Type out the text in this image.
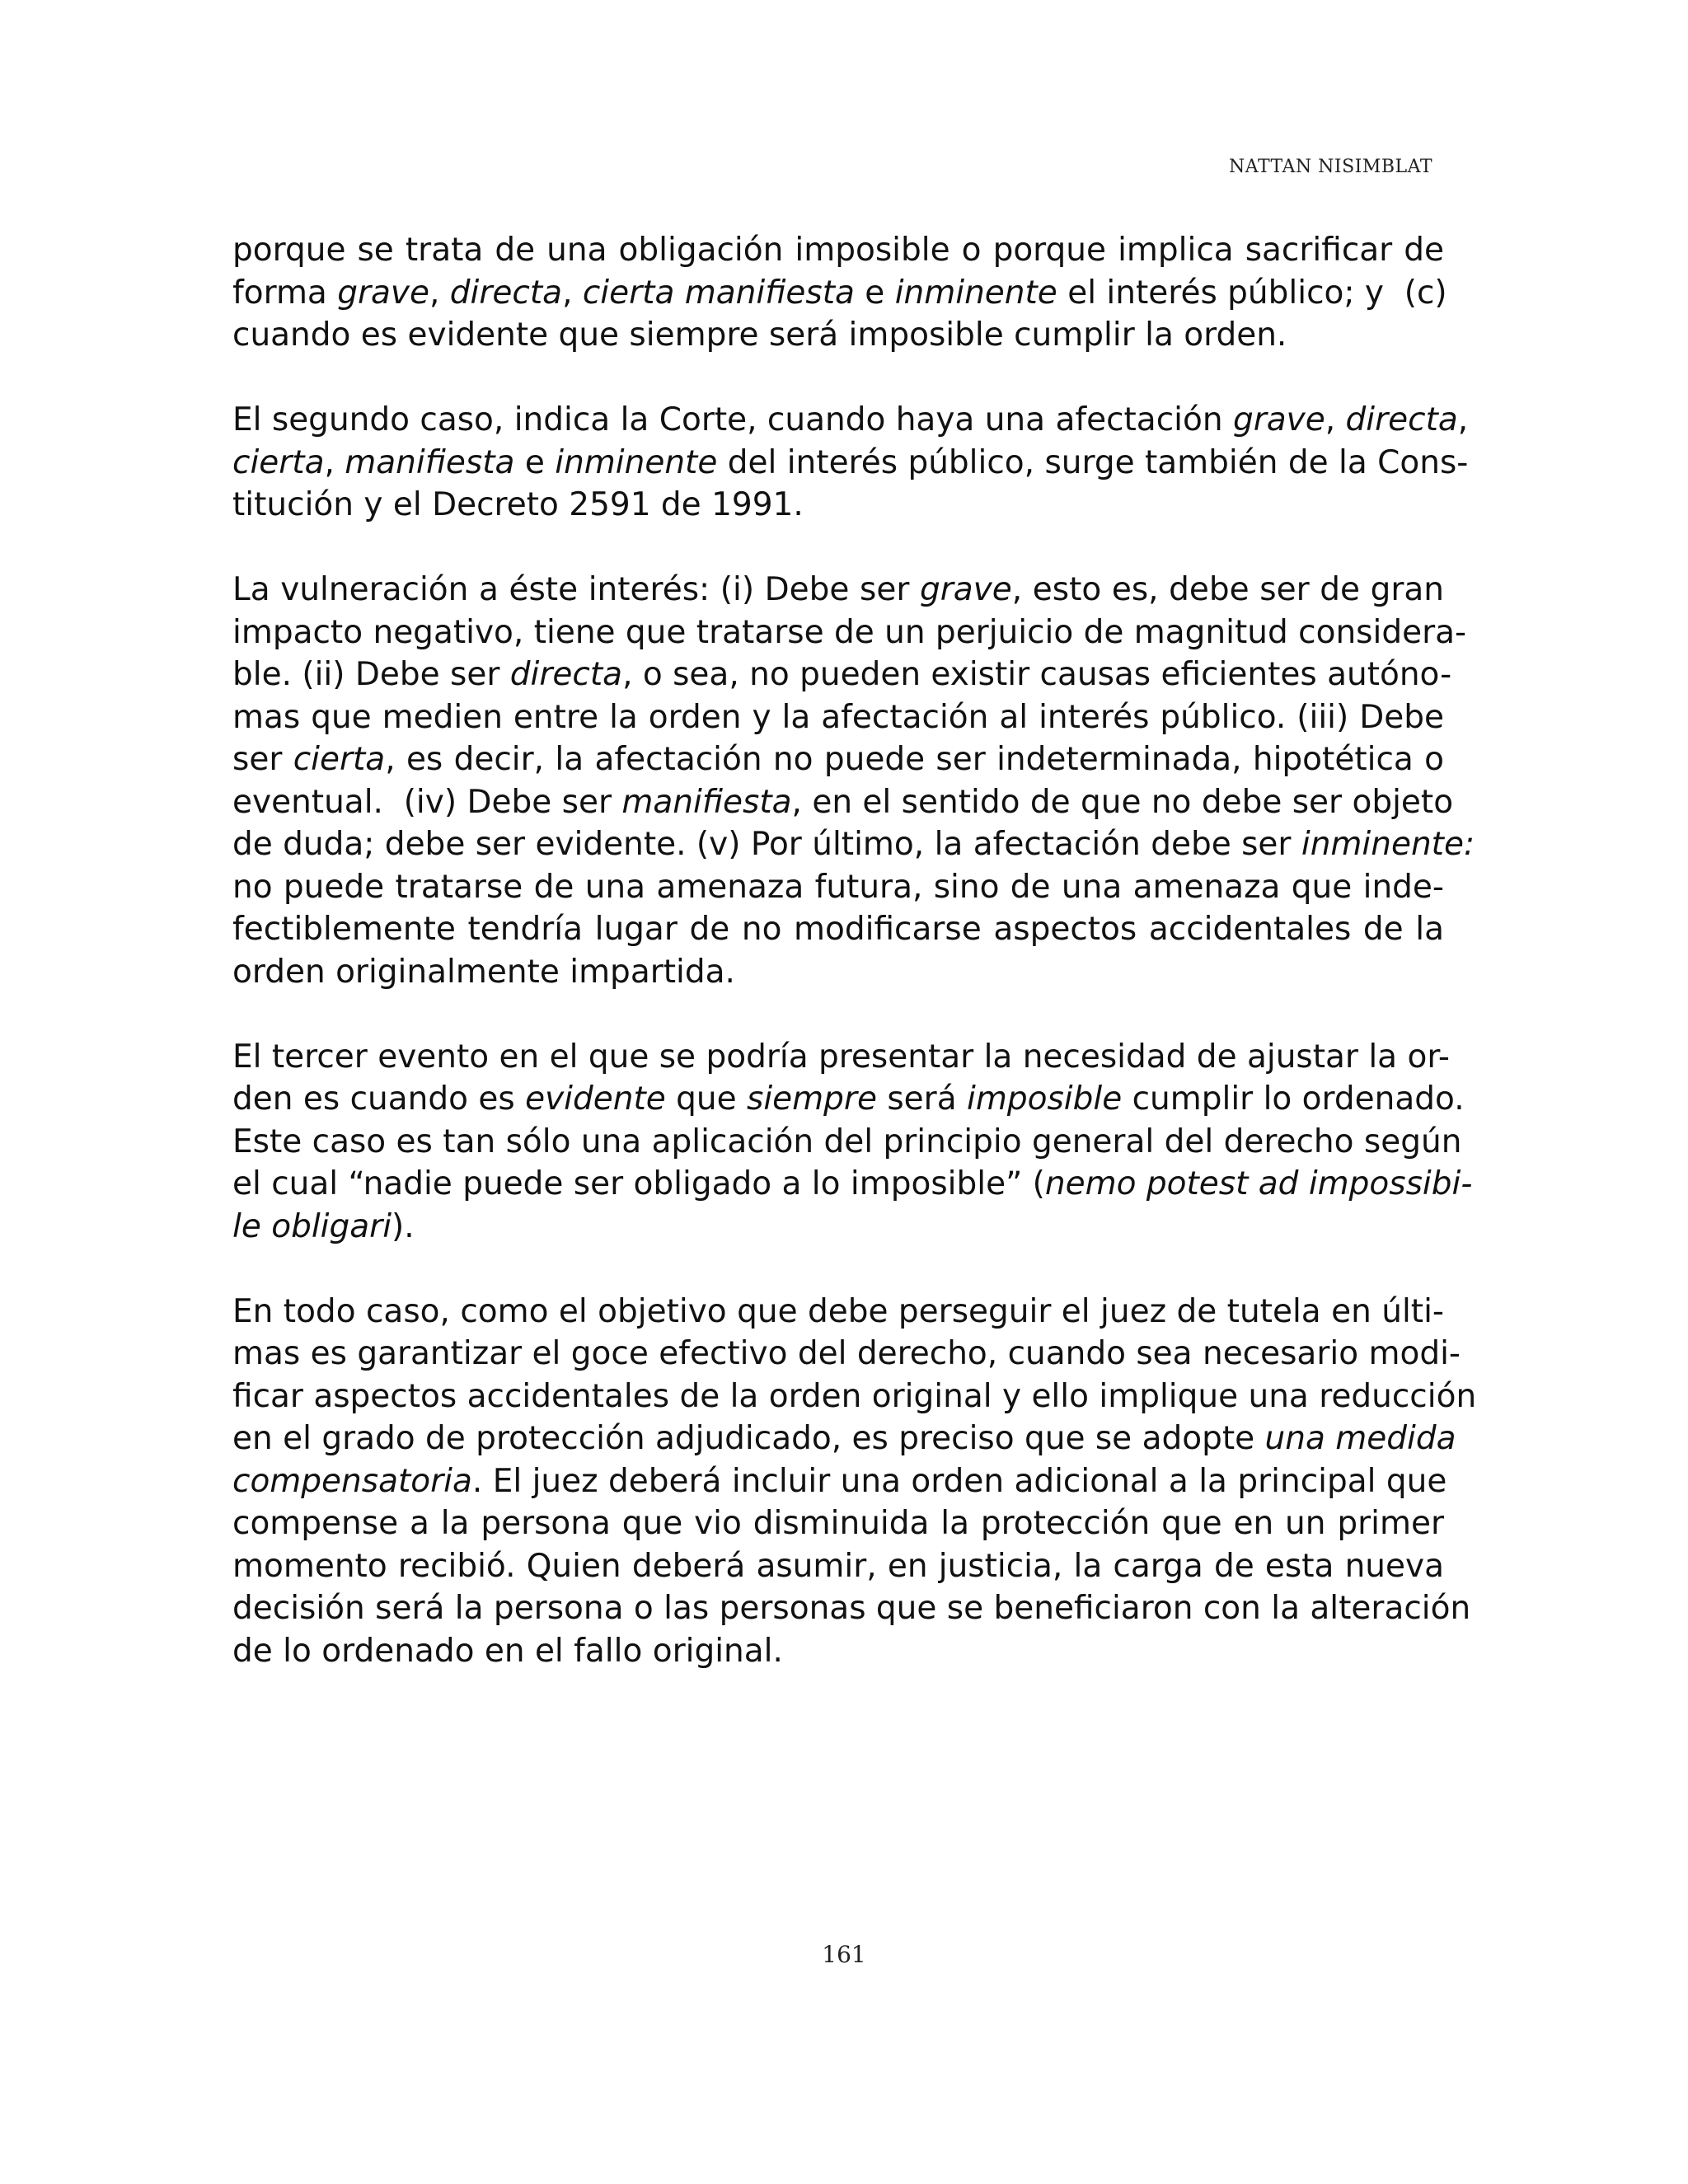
NATTAN NISIMBLAT

porque se trata de una obligación imposible o porque implica sacrificar de
forma grave, directa, cierta manifiesta e inminente el interés público; y  (c)
cuando es evidente que siempre será imposible cumplir la orden.

El segundo caso, indica la Corte, cuando haya una afectación grave, directa,
cierta, manifiesta e inminente del interés público, surge también de la Cons-
titución y el Decreto 2591 de 1991.

La vulneración a éste interés: (i) Debe ser grave, esto es, debe ser de gran
impacto negativo, tiene que tratarse de un perjuicio de magnitud considera-
ble. (ii) Debe ser directa, o sea, no pueden existir causas eficientes autóno-
mas que medien entre la orden y la afectación al interés público. (iii) Debe
ser cierta, es decir, la afectación no puede ser indeterminada, hipotética o
eventual.  (iv) Debe ser manifiesta, en el sentido de que no debe ser objeto
de duda; debe ser evidente. (v) Por último, la afectación debe ser inminente:
no puede tratarse de una amenaza futura, sino de una amenaza que inde-
fectiblemente tendría lugar de no modificarse aspectos accidentales de la
orden originalmente impartida.

El tercer evento en el que se podría presentar la necesidad de ajustar la or-
den es cuando es evidente que siempre será imposible cumplir lo ordenado.
Este caso es tan sólo una aplicación del principio general del derecho según
el cual “nadie puede ser obligado a lo imposible” (nemo potest ad impossibi-
le obligari).

En todo caso, como el objetivo que debe perseguir el juez de tutela en últi-
mas es garantizar el goce efectivo del derecho, cuando sea necesario modi-
ficar aspectos accidentales de la orden original y ello implique una reducción
en el grado de protección adjudicado, es preciso que se adopte una medida
compensatoria. El juez deberá incluir una orden adicional a la principal que
compense a la persona que vio disminuida la protección que en un primer
momento recibió. Quien deberá asumir, en justicia, la carga de esta nueva
decisión será la persona o las personas que se beneficiaron con la alteración
de lo ordenado en el fallo original.

161
